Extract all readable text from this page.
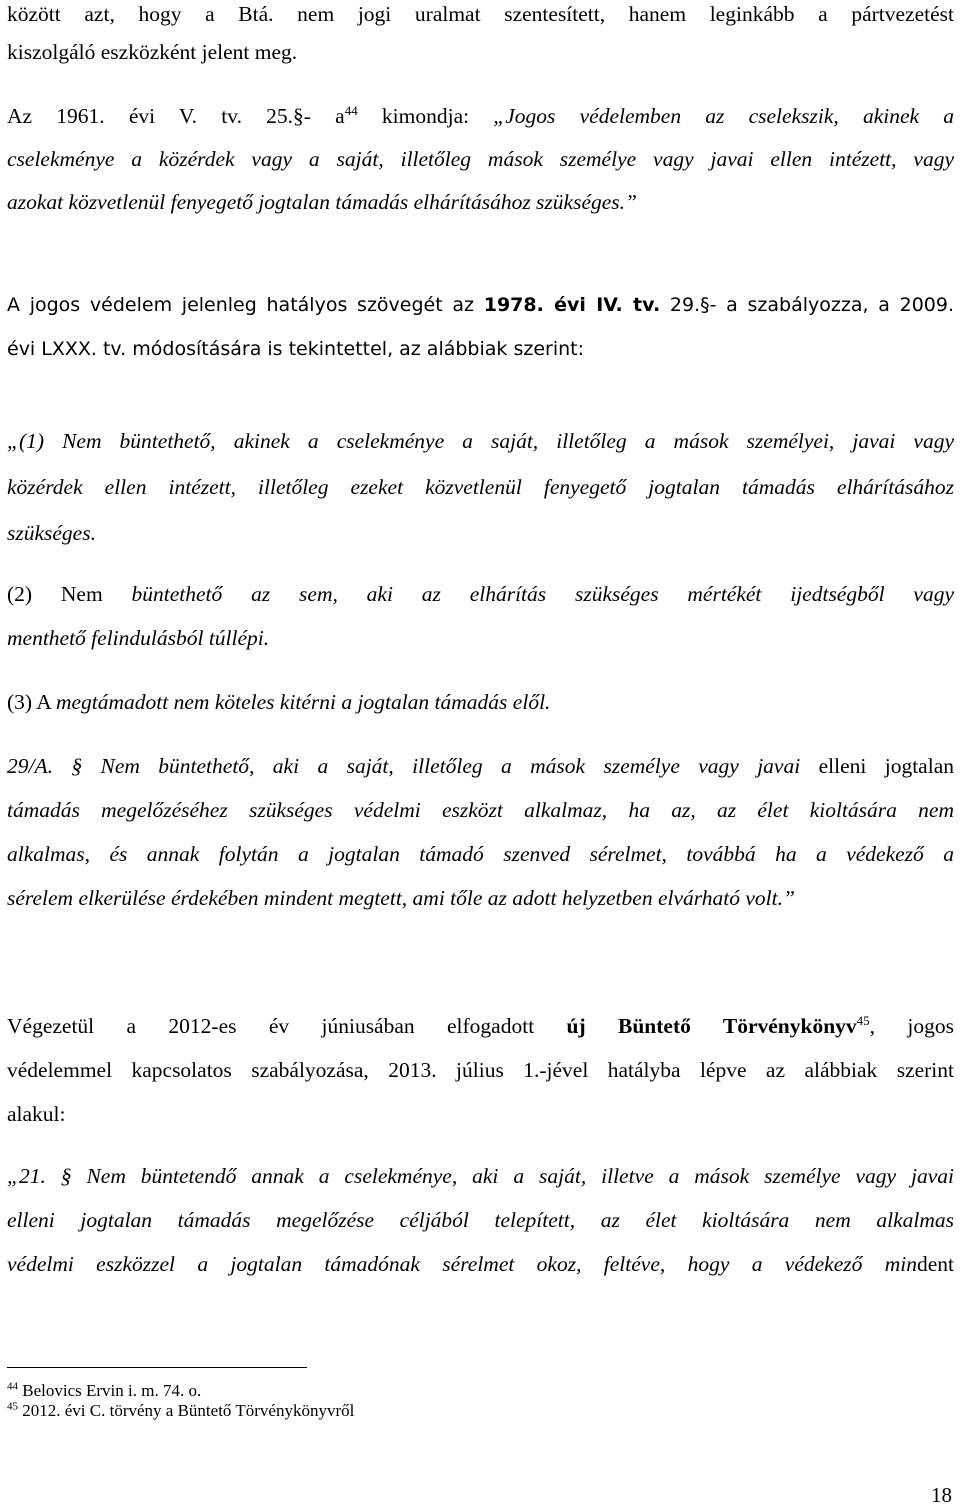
között azt, hogy a Btá. nem jogi uralmat szentesített, hanem leginkább a pártvezetést
kiszolgáló eszközként jelent meg.
Az 1961. évi V. tv. 25.§- $a^{44}$ kimondja: „Jogos védelemben az cselekszik, akinek a
cselekménye a közérdek vagy a saját, illetőleg mások személye vagy javai ellen intézett, vagy
azokat közvetlenül fenyegető jogtalan támadás elhárításához szükséges.”
A jogos védelem jelenleg hatályos szövegét az 1978. évi IV. tv. 29.§- a szabályozza, a 2009.
évi LXXX. tv. módosítására is tekintettel, az alábbiak szerint:
„(1) Nem büntethető, akinek a cselekménye a saját, illetőleg a mások személyei, javai vagy
közérdek ellen intézett, illetőleg ezeket közvetlenül fenyegető jogtalan támadás elhárításához
szükséges.
(2) Nem büntethető az sem, aki az elhárítás szükséges mértékét ijedtségből vagy
menthető felindulásból túllépi.
(3) A megtámadott nem köteles kitérni a jogtalan támadás elől.
29/A. § Nem büntethető, aki a saját, illetőleg a mások személye vagy javai elleni jogtalan
támadás megelőzéséhez szükséges védelmi eszközt alkalmaz, ha az, az élet kioltására nem
alkalmas, és annak folytán a jogtalan támadó szenved sérelmet, továbbá ha a védekező a
sérelem elkerülése érdekében mindent megtett, ami tőle az adott helyzetben elvárható volt.”
Végezetül a 2012-es év júniusában elfogadott új Büntető Törvénykönyv$^{45}$, jogos
védelemmel kapcsolatos szabályozása, 2013. július 1.-jével hatályba lépve az alábbiak szerint
alakul:
„21. § Nem büntetendő annak a cselekménye, aki a saját, illetve a mások személye vagy javai
elleni jogtalan támadás megelőzése céljából telepített, az élet kioltására nem alkalmas
védelmi eszközzel a jogtalan támadónak sérelmet okoz, feltéve, hogy a védekező mindent
$^{44}$ Belovics Ervin i. m. 74. o.
$^{45}$ 2012. évi C. törvény a Büntető Törvénykönyvről
18
